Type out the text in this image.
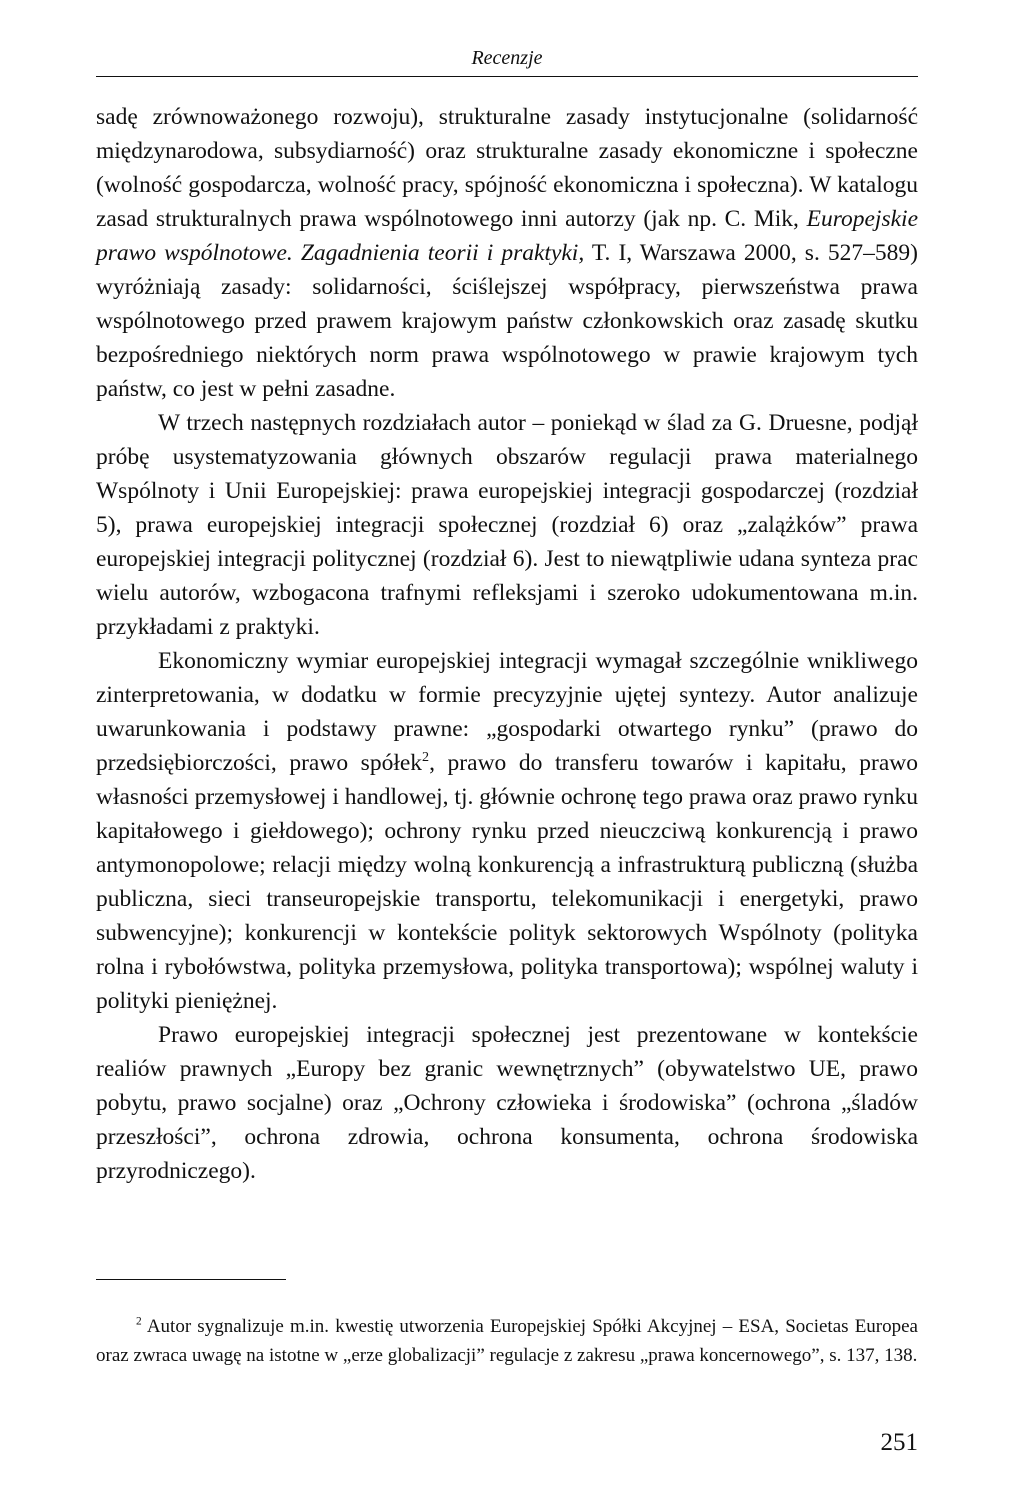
Recenzje

sadę zrównoważonego rozwoju), strukturalne zasady instytucjonalne (solidarność międzynarodowa, subsydiarność) oraz strukturalne zasady ekonomiczne i społeczne (wolność gospodarcza, wolność pracy, spójność ekonomiczna i społeczna). W katalogu zasad strukturalnych prawa wspólnotowego inni autorzy (jak np. C. Mik, Europejskie prawo wspólnotowe. Zagadnienia teorii i praktyki, T. I, Warszawa 2000, s. 527–589) wyróżniają zasady: solidarności, ściślejszej współpracy, pierwszeństwa prawa wspólnotowego przed prawem krajowym państw członkowskich oraz zasadę skutku bezpośredniego niektórych norm prawa wspólnotowego w prawie krajowym tych państw, co jest w pełni zasadne.

W trzech następnych rozdziałach autor – poniekąd w ślad za G. Druesne, podjął próbę usystematyzowania głównych obszarów regulacji prawa materialnego Wspólnoty i Unii Europejskiej: prawa europejskiej integracji gospodarczej (rozdział 5), prawa europejskiej integracji społecznej (rozdział 6) oraz „zalążków” prawa europejskiej integracji politycznej (rozdział 6). Jest to niewątpliwie udana synteza prac wielu autorów, wzbogacona trafnymi refleksjami i szeroko udokumentowana m.in. przykładami z praktyki.

Ekonomiczny wymiar europejskiej integracji wymagał szczególnie wnikliwego zinterpretowania, w dodatku w formie precyzyjnie ujętej syntezy. Autor analizuje uwarunkowania i podstawy prawne: „gospodarki otwartego rynku” (prawo do przedsiębiorczości, prawo spółek$^2$, prawo do transferu towarów i kapitału, prawo własności przemysłowej i handlowej, tj. głównie ochronę tego prawa oraz prawo rynku kapitałowego i giełdowego); ochrony rynku przed nieuczciwą konkurencją i prawo antymonopolowe; relacji między wolną konkurencją a infrastrukturą publiczną (służba publiczna, sieci transeuropejskie transportu, telekomunikacji i energetyki, prawo subwencyjne); konkurencji w kontekście polityk sektorowych Wspólnoty (polityka rolna i rybołówstwa, polityka przemysłowa, polityka transportowa); wspólnej waluty i polityki pieniężnej.

Prawo europejskiej integracji społecznej jest prezentowane w kontekście realiów prawnych „Europy bez granic wewnętrznych” (obywatelstwo UE, prawo pobytu, prawo socjalne) oraz „Ochrony człowieka i środowiska” (ochrona „śladów przeszłości”, ochrona zdrowia, ochrona konsumenta, ochrona środowiska przyrodniczego).

$^2$ Autor sygnalizuje m.in. kwestię utworzenia Europejskiej Spółki Akcyjnej – ESA, Societas Europea oraz zwraca uwagę na istotne w „erze globalizacji” regulacje z zakresu „prawa koncernowego”, s. 137, 138.

251
